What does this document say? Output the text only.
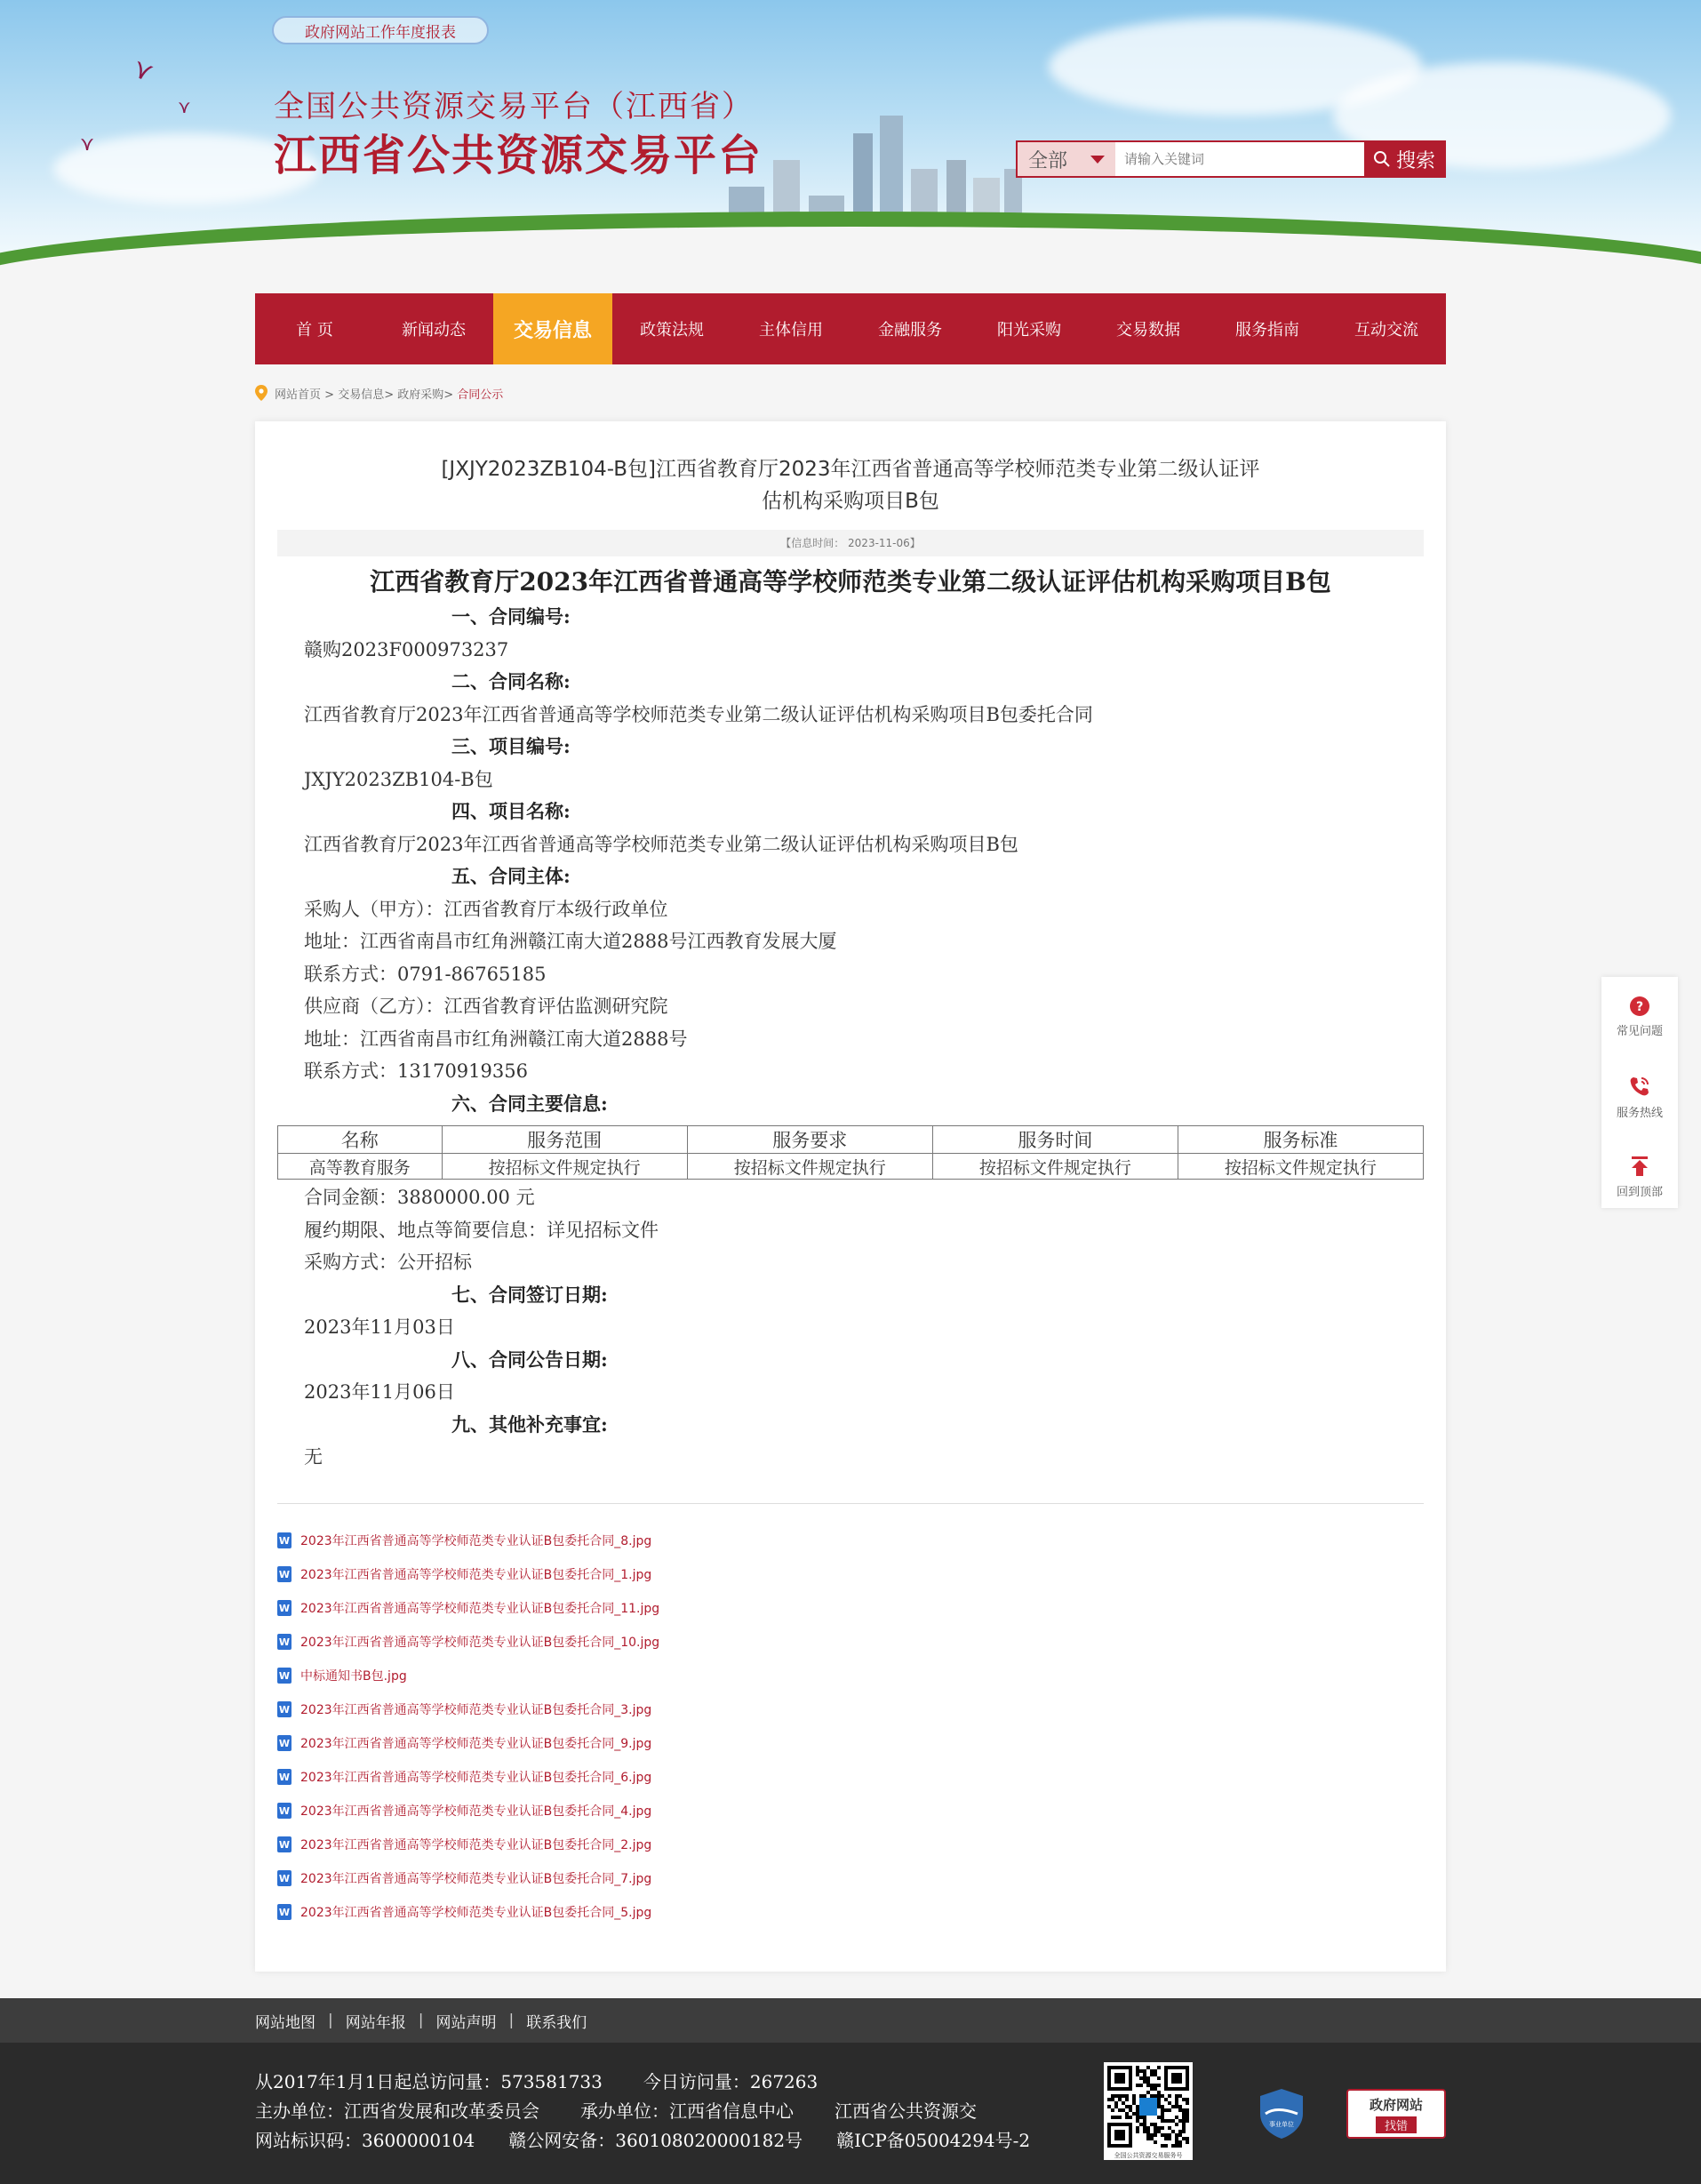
⋎
⋎
⋎
政府网站工作年度报表
全国公共资源交易平台（江西省）
江西省公共资源交易平台	全部
请输入关键词	搜索
首 页	新闻动态	交易信息	政策法规	主体信用	金融服务	阳光采购	交易数据	服务指南	互动交流
网站首页 > 交易信息> 政府采购> 合同公示
[JXJY2023ZB104-B包]江西省教育厅2023年江西省普通高等学校师范类专业第二级认证评估机构采购项目B包
【信息时间： 2023-11-06】
江西省教育厅2023年江西省普通高等学校师范类专业第二级认证评估机构采购项目B包
一、合同编号:
赣购2023F000973237
二、合同名称:
江西省教育厅2023年江西省普通高等学校师范类专业第二级认证评估机构采购项目B包委托合同
三、项目编号:
JXJY2023ZB104-B包
四、项目名称:
江西省教育厅2023年江西省普通高等学校师范类专业第二级认证评估机构采购项目B包
五、合同主体:
采购人（甲方）：江西省教育厅本级行政单位
地址：江西省南昌市红角洲赣江南大道2888号江西教育发展大厦
联系方式：0791-86765185
供应商（乙方）：江西省教育评估监测研究院
地址：江西省南昌市红角洲赣江南大道2888号
联系方式：13170919356
六、合同主要信息:
名称	服务范围	服务要求	服务时间	服务标准
高等教育服务	按招标文件规定执行	按招标文件规定执行	按招标文件规定执行	按招标文件规定执行
合同金额：3880000.00 元
履约期限、地点等简要信息：详见招标文件
采购方式：公开招标
七、合同签订日期:
2023年11月03日
八、合同公告日期:
2023年11月06日
九、其他补充事宜:
无
W 2023年江西省普通高等学校师范类专业认证B包委托合同_8.jpg
W 2023年江西省普通高等学校师范类专业认证B包委托合同_1.jpg
W 2023年江西省普通高等学校师范类专业认证B包委托合同_11.jpg
W 2023年江西省普通高等学校师范类专业认证B包委托合同_10.jpg
W 中标通知书B包.jpg
W 2023年江西省普通高等学校师范类专业认证B包委托合同_3.jpg
W 2023年江西省普通高等学校师范类专业认证B包委托合同_9.jpg
W 2023年江西省普通高等学校师范类专业认证B包委托合同_6.jpg
W 2023年江西省普通高等学校师范类专业认证B包委托合同_4.jpg
W 2023年江西省普通高等学校师范类专业认证B包委托合同_2.jpg
W 2023年江西省普通高等学校师范类专业认证B包委托合同_7.jpg
W 2023年江西省普通高等学校师范类专业认证B包委托合同_5.jpg
?
常见问题
服务热线
回到顶部
网站地图 | 网站年报 | 网站声明 | 联系我们
从2017年1月1日起总访问量：573581733 今日访问量：267263
主办单位：江西省发展和改革委员会 承办单位：江西省信息中心 江西省公共资源交
网站标识码：3600000104 赣公网安备：360108020000182号 赣ICP备05004294号-2
全国公共资源交易服务号
事业单位
政府网站
找错
